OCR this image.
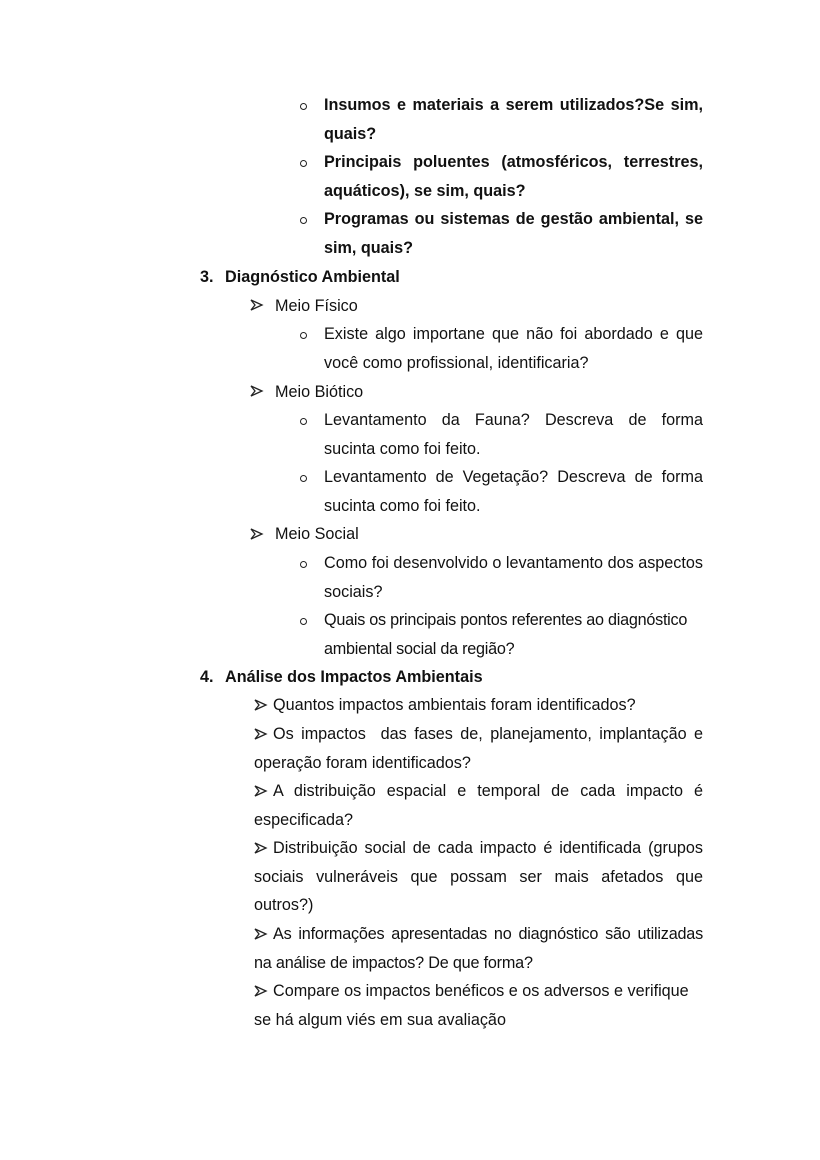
Insumos e materiais a serem utilizados?Se sim, quais?
Principais poluentes (atmosféricos, terrestres, aquáticos), se sim, quais?
Programas ou sistemas de gestão ambiental, se sim, quais?
3. Diagnóstico Ambiental
Meio Físico
Existe algo importane que não foi abordado e que você como profissional, identificaria?
Meio Biótico
Levantamento da Fauna? Descreva de forma sucinta como foi feito.
Levantamento de Vegetação? Descreva de forma sucinta como foi feito.
Meio Social
Como foi desenvolvido o levantamento dos aspectos sociais?
Quais os principais pontos referentes ao diagnóstico ambiental social da região?
4. Análise dos Impactos Ambientais
Quantos impactos ambientais foram identificados?
Os impactos  das fases de, planejamento, implantação e operação foram identificados?
A distribuição espacial e temporal de cada impacto é especificada?
Distribuição social de cada impacto é identificada (grupos sociais vulneráveis que possam ser mais afetados que outros?)
As informações apresentadas no diagnóstico são utilizadas na análise de impactos? De que forma?
Compare os impactos benéficos e os adversos e verifique se há algum viés em sua avaliação
